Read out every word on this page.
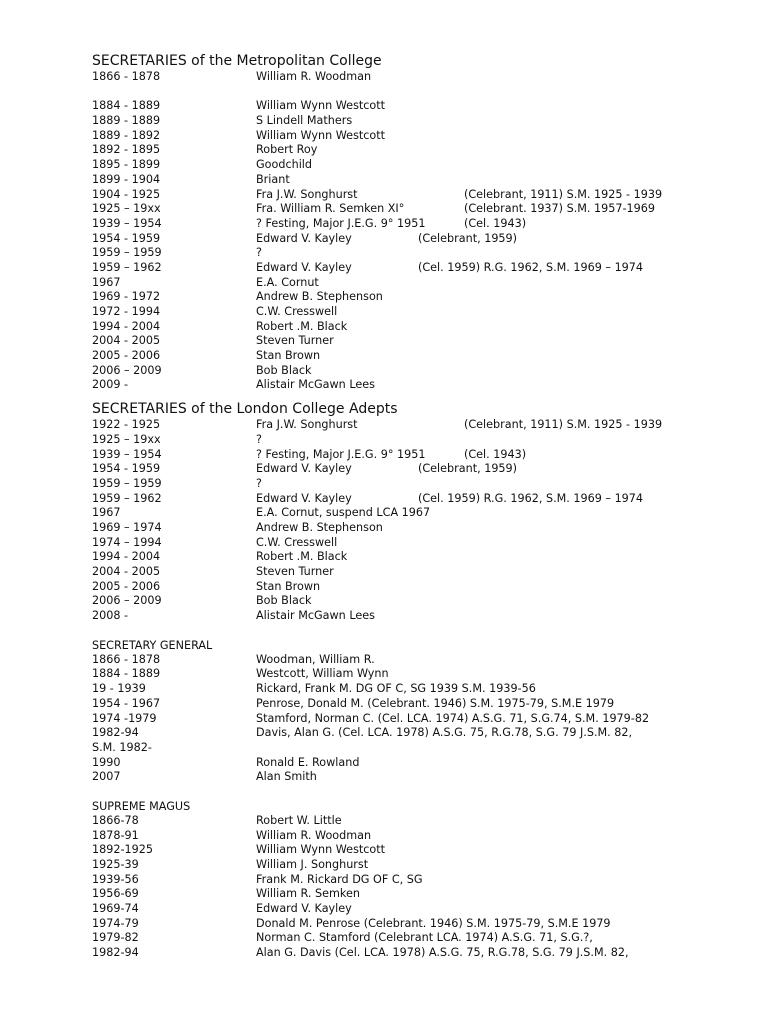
SECRETARIES of the Metropolitan College
1866 - 1878	William R. Woodman
1884 - 1889	William Wynn Westcott
1889 - 1889	S Lindell Mathers
1889 - 1892	William Wynn Westcott
1892 - 1895	Robert Roy
1895 - 1899	Goodchild
1899 - 1904	Briant
1904 - 1925	Fra J.W. Songhurst	(Celebrant, 1911) S.M. 1925 - 1939
1925 – 19xx	Fra. William R. Semken XI°	(Celebrant. 1937) S.M. 1957-1969
1939 – 1954	? Festing, Major J.E.G. 9° 1951	(Cel. 1943)
1954 - 1959	Edward V. Kayley	(Celebrant, 1959)
1959 – 1959	?
1959 – 1962	Edward V. Kayley	(Cel. 1959) R.G. 1962, S.M. 1969 – 1974
1967	E.A. Cornut
1969 - 1972	Andrew B. Stephenson
1972 - 1994	C.W. Cresswell
1994 - 2004	Robert .M. Black
2004 - 2005	Steven Turner
2005 - 2006	Stan Brown
2006 – 2009	Bob Black
2009 -	Alistair McGawn Lees
SECRETARIES of the London College Adepts
1922 - 1925	Fra J.W. Songhurst	(Celebrant, 1911) S.M. 1925 - 1939
1925 – 19xx	?
1939 – 1954	? Festing, Major J.E.G. 9° 1951	(Cel. 1943)
1954 - 1959	Edward V. Kayley	(Celebrant, 1959)
1959 – 1959	?
1959 – 1962	Edward V. Kayley	(Cel. 1959) R.G. 1962, S.M. 1969 – 1974
1967	E.A. Cornut, suspend LCA 1967
1969 – 1974	Andrew B. Stephenson
1974 – 1994	C.W. Cresswell
1994 - 2004	Robert .M. Black
2004 - 2005	Steven Turner
2005 - 2006	Stan Brown
2006 – 2009	Bob Black
2008 -	Alistair McGawn Lees
SECRETARY GENERAL
1866 - 1878	Woodman, William R.
1884 - 1889	Westcott, William Wynn
19 - 1939	Rickard, Frank M. DG OF C, SG 1939 S.M. 1939-56
1954 - 1967	Penrose, Donald M. (Celebrant. 1946) S.M. 1975-79, S.M.E 1979
1974 -1979	Stamford, Norman C. (Cel. LCA. 1974) A.S.G. 71, S.G.74, S.M. 1979-82
1982-94	Davis, Alan G. (Cel. LCA. 1978) A.S.G. 75, R.G.78, S.G. 79 J.S.M. 82,
S.M. 1982-
1990	Ronald E. Rowland
2007	Alan Smith
SUPREME MAGUS
1866-78	Robert W. Little
1878-91	William R. Woodman
1892-1925	William Wynn Westcott
1925-39	William J. Songhurst
1939-56	Frank M. Rickard DG OF C, SG
1956-69	William R. Semken
1969-74	Edward V. Kayley
1974-79	Donald M. Penrose (Celebrant. 1946) S.M. 1975-79, S.M.E 1979
1979-82	Norman C. Stamford (Celebrant LCA. 1974) A.S.G. 71, S.G.?,
1982-94	Alan G. Davis (Cel. LCA. 1978) A.S.G. 75, R.G.78, S.G. 79 J.S.M. 82,
